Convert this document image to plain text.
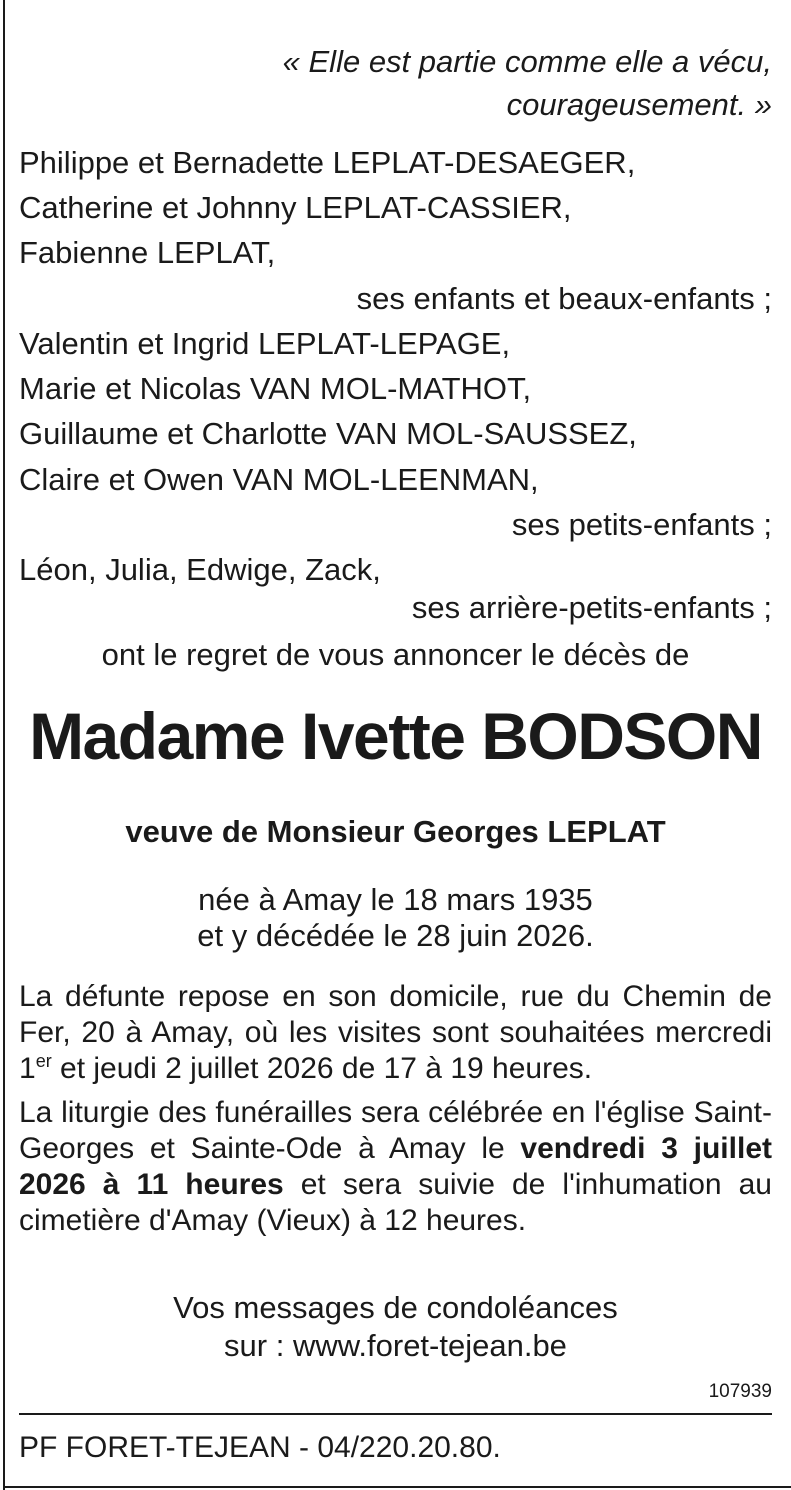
« Elle est partie comme elle a vécu,
courageusement. »
Philippe et Bernadette LEPLAT-DESAEGER,
Catherine et Johnny LEPLAT-CASSIER,
Fabienne LEPLAT,
ses enfants et beaux-enfants ;
Valentin et Ingrid LEPLAT-LEPAGE,
Marie et Nicolas VAN MOL-MATHOT,
Guillaume et Charlotte VAN MOL-SAUSSEZ,
Claire et Owen VAN MOL-LEENMAN,
ses petits-enfants ;
Léon, Julia, Edwige, Zack,
ses arrière-petits-enfants ;
ont le regret de vous annoncer le décès de
Madame Ivette BODSON
veuve de Monsieur Georges LEPLAT
née à Amay le 18 mars 1935
et y décédée le 28 juin 2026.
La défunte repose en son domicile, rue du Chemin de Fer, 20 à Amay, où les visites sont souhaitées mercredi 1er et jeudi 2 juillet 2026 de 17 à 19 heures.
La liturgie des funérailles sera célébrée en l'église Saint-Georges et Sainte-Ode à Amay le vendredi 3 juillet 2026 à 11 heures et sera suivie de l'inhumation au cimetière d'Amay (Vieux) à 12 heures.
Vos messages de condoléances
sur : www.foret-tejean.be
107939
PF FORET-TEJEAN - 04/220.20.80.
